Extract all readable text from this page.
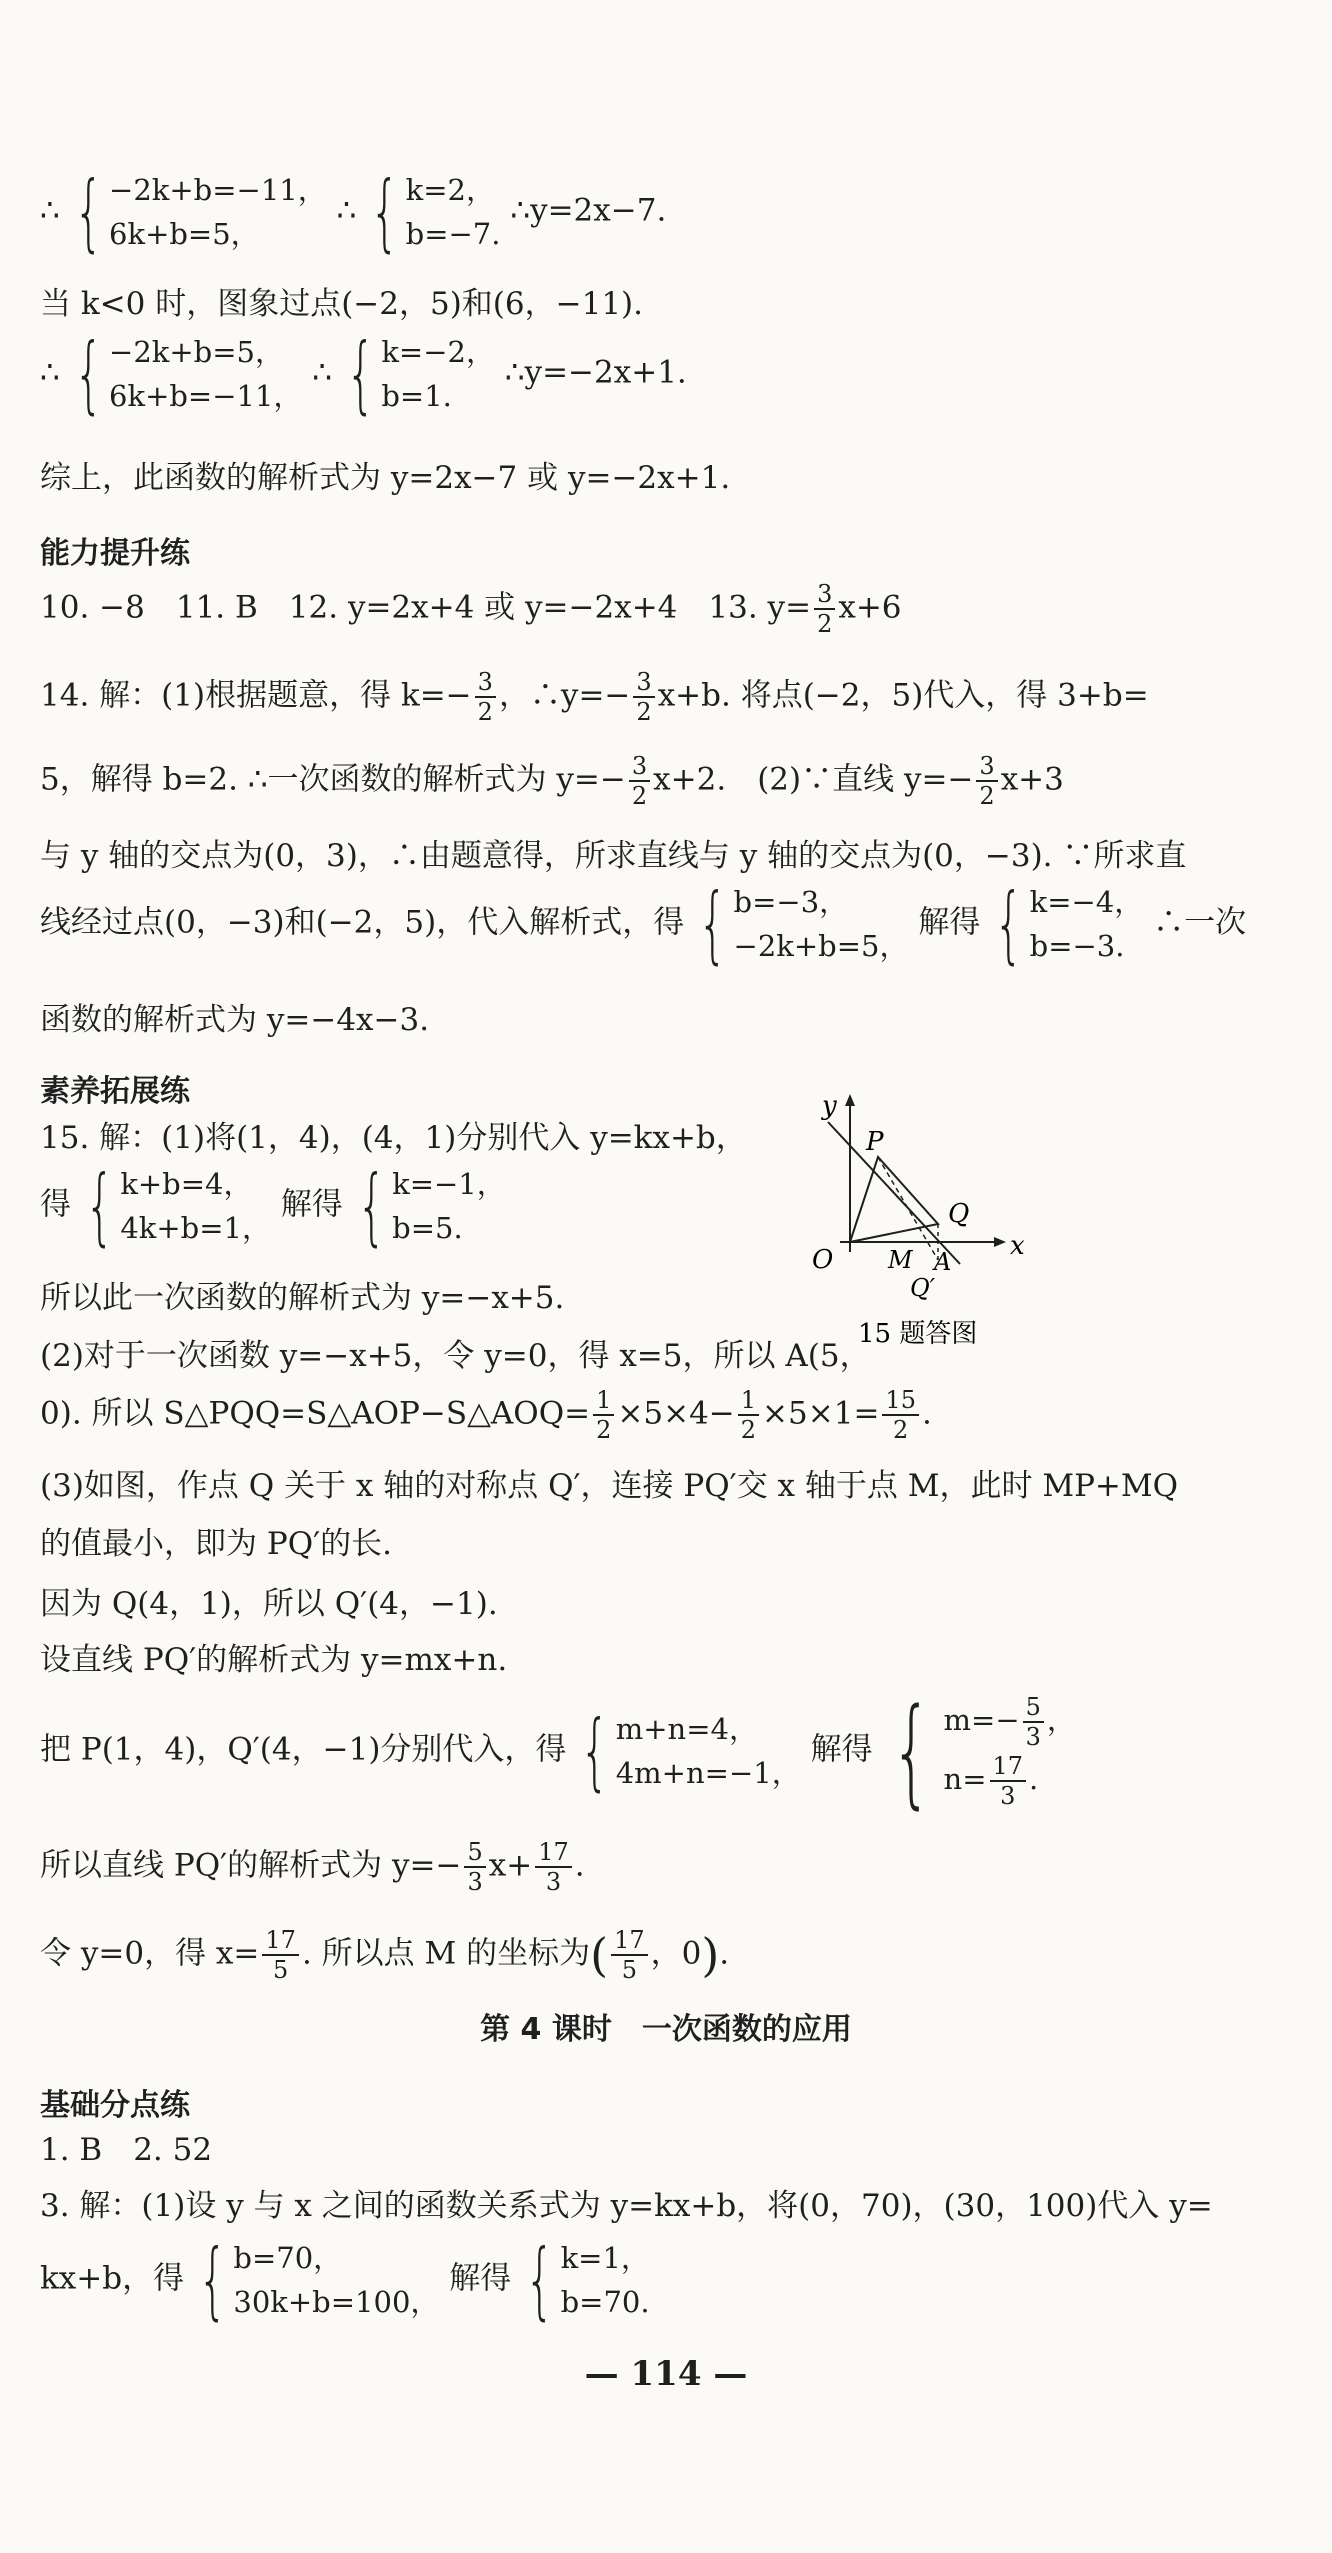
∴ { −2k+b=−11，
6k+b=5，
∴ { k=2，
b=−7.
∴y=2x−7.
当 k<0 时，图象过点(−2，5)和(6，−11).
∴ { −2k+b=5，
6k+b=−11，
∴ { k=−2，
b=1.
∴y=−2x+1.
综上，此函数的解析式为 y=2x−7 或 y=−2x+1.
能力提升练
10. −8　11. B　12. y=2x+4 或 y=−2x+4　13. $y= \frac{3}{2} x+6$
14. 解：(1)根据题意，得 $k=- \frac{3}{2}$ ，∴y=− $\frac{3}{2} x+b$. 将点(−2，5)代入，得 3+b=
5，解得 b=2. ∴一次函数的解析式为 $y=- \frac{3}{2} x+2$.　(2)∵直线 $y=- \frac{3}{2} x+3$
与 y 轴的交点为(0，3)，∴由题意得，所求直线与 y 轴的交点为(0，−3). ∵所求直
线经过点(0，−3)和(−2，5)，代入解析式，得 { b=−3，
−2k+b=5，
解得 { k=−4，
b=−3.
∴一次
函数的解析式为 y=−4x−3.
素养拓展练
15. 解：(1)将(1，4)，(4，1)分别代入 y=kx+b，
得 { k+b=4，
4k+b=1，
解得 { k=−1，
b=5.
所以此一次函数的解析式为 y=−x+5.
(2)对于一次函数 y=−x+5，令 y=0，得 x=5，所以 A(5，
0). 所以 S△PQQ=S△AOP−S△AOQ= $\frac{1}{2} \times 5\times 4- \frac{1}{2} \times 5\times 1= \frac{15}{2}$ .
(3)如图，作点 Q 关于 x 轴的对称点 Q′，连接 PQ′交 x 轴于点 M，此时 MP+MQ
的值最小，即为 PQ′的长.
因为 Q(4，1)，所以 Q′(4，−1).
设直线 PQ′的解析式为 y=mx+n.
把 P(1，4)，Q′(4，−1)分别代入，得 { m+n=4，
4m+n=−1，
解得 { $m=- \frac{5}{3}$ ，
$n= \frac{17}{3}$ .
所以直线 PQ′的解析式为 $y=- \frac{5}{3} x+ \frac{17}{3}$ .
令 y=0，得 $x= \frac{17}{5}$ . 所以点 M 的坐标为( $\frac{17}{5}$ ，0).
第 4 课时　一次函数的应用
基础分点练
1. B　2. 52
3. 解：(1)设 y 与 x 之间的函数关系式为 y=kx+b，将(0，70)，(30，100)代入 y=
kx+b，得 { b=70，
30k+b=100，
解得 { k=1，
b=70.
— 114 —
y
x
O
P
Q
M A
Q′
15 题答图
